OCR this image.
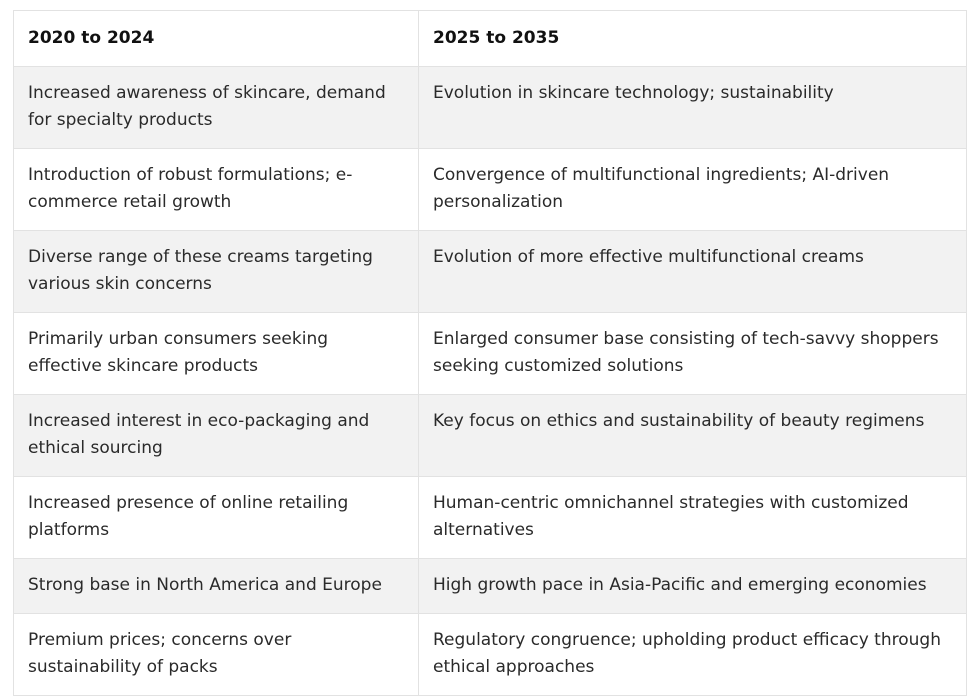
2020 to 2024	2025 to 2035
Increased awareness of skincare, demand for specialty products	Evolution in skincare technology; sustainability
Introduction of robust formulations; e-commerce retail growth	Convergence of multifunctional ingredients; AI-driven personalization
Diverse range of these creams targeting various skin concerns	Evolution of more effective multifunctional creams
Primarily urban consumers seeking effective skincare products	Enlarged consumer base consisting of tech-savvy shoppers seeking customized solutions
Increased interest in eco-packaging and ethical sourcing	Key focus on ethics and sustainability of beauty regimens
Increased presence of online retailing platforms	Human-centric omnichannel strategies with customized alternatives
Strong base in North America and Europe	High growth pace in Asia-Pacific and emerging economies
Premium prices; concerns over sustainability of packs	Regulatory congruence; upholding product efficacy through ethical approaches
